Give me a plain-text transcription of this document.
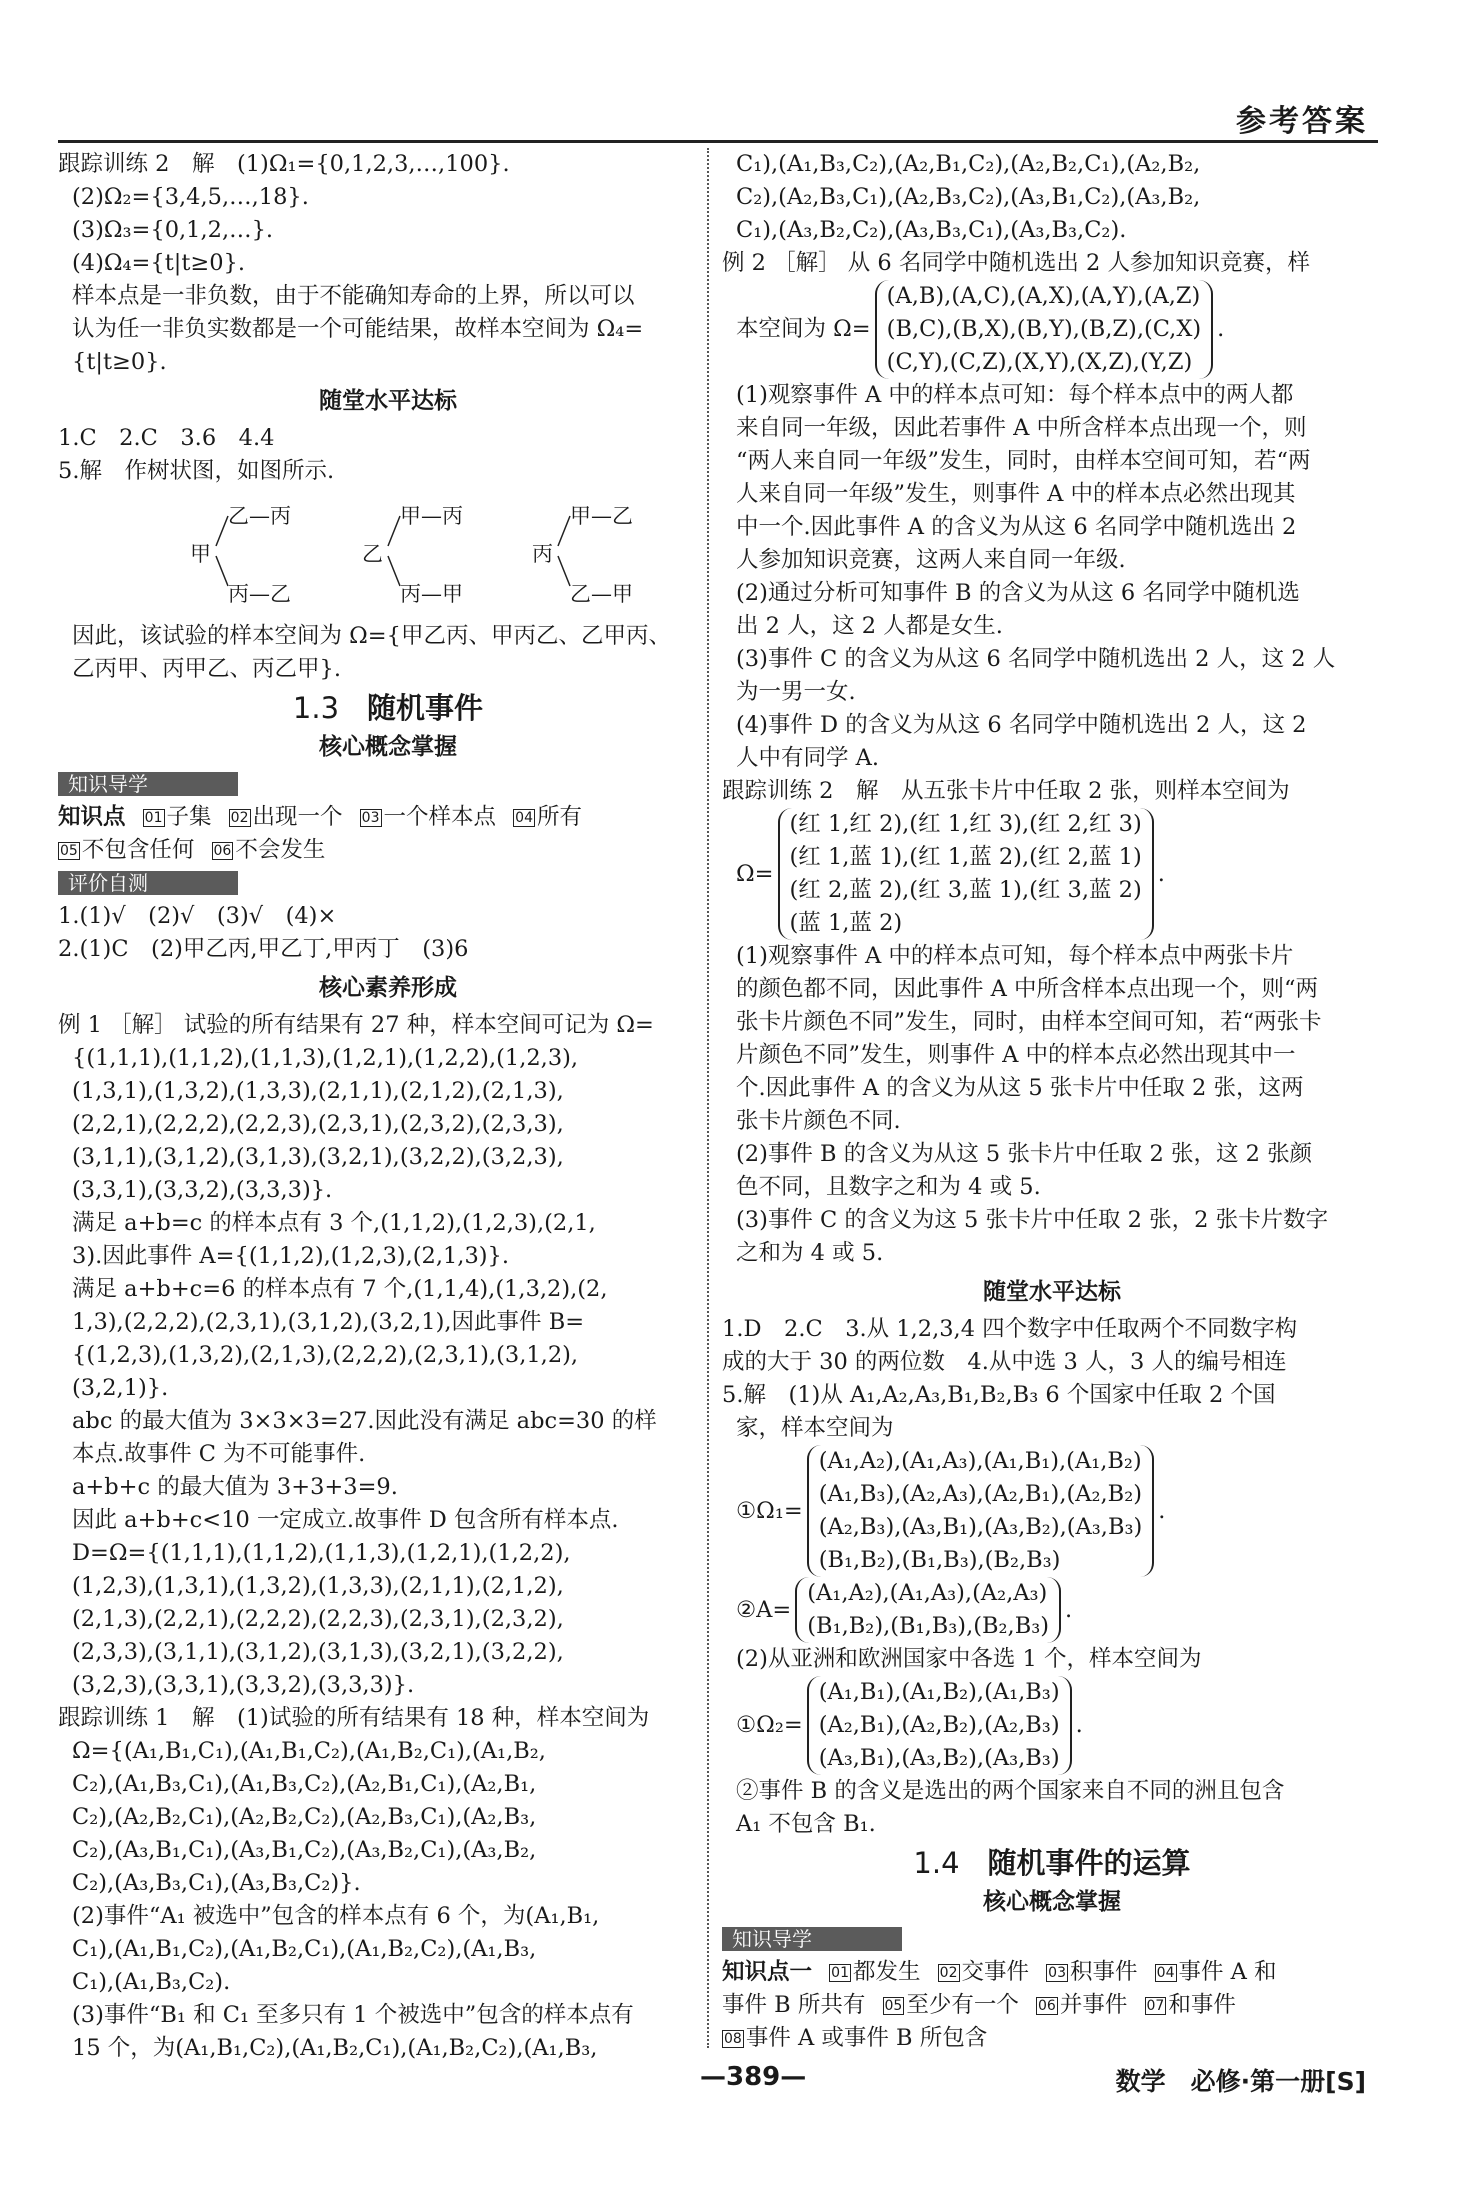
参考答案
跟踪训练 2　解　(1)Ω₁={0,1,2,3,…,100}.
(2)Ω₂={3,4,5,…,18}.
(3)Ω₃={0,1,2,…}.
(4)Ω₄={t|t≥0}.
样本点是一非负数，由于不能确知寿命的上界，所以可以
认为任一非负实数都是一个可能结果，故样本空间为 Ω₄=
{t|t≥0}.
随堂水平达标
1.C　2.C　3.6　4.4
5.解　作树状图，如图所示.
乙—丙
甲
丙—乙
甲—丙
乙
丙—甲
甲—乙
丙
乙—甲
因此，该试验的样本空间为 Ω={甲乙丙、甲丙乙、乙甲丙、
乙丙甲、丙甲乙、丙乙甲}.
1.3 随机事件
核心概念掌握
知识导学
知识点 01 子集 02 出现一个 03 一个样本点 04 所有
05 不包含任何 06 不会发生
评价自测
1.(1)√　(2)√　(3)√　(4)×
2.(1)C　(2)甲乙丙,甲乙丁,甲丙丁　(3)6
核心素养形成
例 1 ［解］ 试验的所有结果有 27 种，样本空间可记为 Ω=
{(1,1,1),(1,1,2),(1,1,3),(1,2,1),(1,2,2),(1,2,3),
(1,3,1),(1,3,2),(1,3,3),(2,1,1),(2,1,2),(2,1,3),
(2,2,1),(2,2,2),(2,2,3),(2,3,1),(2,3,2),(2,3,3),
(3,1,1),(3,1,2),(3,1,3),(3,2,1),(3,2,2),(3,2,3),
(3,3,1),(3,3,2),(3,3,3)}.
满足 a+b=c 的样本点有 3 个,(1,1,2),(1,2,3),(2,1,
3).因此事件 A={(1,1,2),(1,2,3),(2,1,3)}.
满足 a+b+c=6 的样本点有 7 个,(1,1,4),(1,3,2),(2,
1,3),(2,2,2),(2,3,1),(3,1,2),(3,2,1),因此事件 B=
{(1,2,3),(1,3,2),(2,1,3),(2,2,2),(2,3,1),(3,1,2),
(3,2,1)}.
abc 的最大值为 3×3×3=27.因此没有满足 abc=30 的样
本点.故事件 C 为不可能事件.
a+b+c 的最大值为 3+3+3=9.
因此 a+b+c<10 一定成立.故事件 D 包含所有样本点.
D=Ω={(1,1,1),(1,1,2),(1,1,3),(1,2,1),(1,2,2),
(1,2,3),(1,3,1),(1,3,2),(1,3,3),(2,1,1),(2,1,2),
(2,1,3),(2,2,1),(2,2,2),(2,2,3),(2,3,1),(2,3,2),
(2,3,3),(3,1,1),(3,1,2),(3,1,3),(3,2,1),(3,2,2),
(3,2,3),(3,3,1),(3,3,2),(3,3,3)}.
跟踪训练 1　解　(1)试验的所有结果有 18 种，样本空间为
Ω={(A₁,B₁,C₁),(A₁,B₁,C₂),(A₁,B₂,C₁),(A₁,B₂,
C₂),(A₁,B₃,C₁),(A₁,B₃,C₂),(A₂,B₁,C₁),(A₂,B₁,
C₂),(A₂,B₂,C₁),(A₂,B₂,C₂),(A₂,B₃,C₁),(A₂,B₃,
C₂),(A₃,B₁,C₁),(A₃,B₁,C₂),(A₃,B₂,C₁),(A₃,B₂,
C₂),(A₃,B₃,C₁),(A₃,B₃,C₂)}.
(2)事件“A₁ 被选中”包含的样本点有 6 个，为(A₁,B₁,
C₁),(A₁,B₁,C₂),(A₁,B₂,C₁),(A₁,B₂,C₂),(A₁,B₃,
C₁),(A₁,B₃,C₂).
(3)事件“B₁ 和 C₁ 至多只有 1 个被选中”包含的样本点有
15 个，为(A₁,B₁,C₂),(A₁,B₂,C₁),(A₁,B₂,C₂),(A₁,B₃,
C₁),(A₁,B₃,C₂),(A₂,B₁,C₂),(A₂,B₂,C₁),(A₂,B₂,
C₂),(A₂,B₃,C₁),(A₂,B₃,C₂),(A₃,B₁,C₂),(A₃,B₂,
C₁),(A₃,B₂,C₂),(A₃,B₃,C₁),(A₃,B₃,C₂).
例 2 ［解］ 从 6 名同学中随机选出 2 人参加知识竞赛，样
本空间为 Ω=
(A,B),(A,C),(A,X),(A,Y),(A,Z)
(B,C),(B,X),(B,Y),(B,Z),(C,X)
(C,Y),(C,Z),(X,Y),(X,Z),(Y,Z)
.
(1)观察事件 A 中的样本点可知：每个样本点中的两人都
来自同一年级，因此若事件 A 中所含样本点出现一个，则
“两人来自同一年级”发生，同时，由样本空间可知，若“两
人来自同一年级”发生，则事件 A 中的样本点必然出现其
中一个.因此事件 A 的含义为从这 6 名同学中随机选出 2
人参加知识竞赛，这两人来自同一年级.
(2)通过分析可知事件 B 的含义为从这 6 名同学中随机选
出 2 人，这 2 人都是女生.
(3)事件 C 的含义为从这 6 名同学中随机选出 2 人，这 2 人
为一男一女.
(4)事件 D 的含义为从这 6 名同学中随机选出 2 人，这 2
人中有同学 A.
跟踪训练 2　解　从五张卡片中任取 2 张，则样本空间为
Ω=
(红 1,红 2),(红 1,红 3),(红 2,红 3)
(红 1,蓝 1),(红 1,蓝 2),(红 2,蓝 1)
(红 2,蓝 2),(红 3,蓝 1),(红 3,蓝 2)
(蓝 1,蓝 2)
.
(1)观察事件 A 中的样本点可知，每个样本点中两张卡片
的颜色都不同，因此事件 A 中所含样本点出现一个，则“两
张卡片颜色不同”发生，同时，由样本空间可知，若“两张卡
片颜色不同”发生，则事件 A 中的样本点必然出现其中一
个.因此事件 A 的含义为从这 5 张卡片中任取 2 张，这两
张卡片颜色不同.
(2)事件 B 的含义为从这 5 张卡片中任取 2 张，这 2 张颜
色不同，且数字之和为 4 或 5.
(3)事件 C 的含义为这 5 张卡片中任取 2 张，2 张卡片数字
之和为 4 或 5.
随堂水平达标
1.D　2.C　3.从 1,2,3,4 四个数字中任取两个不同数字构
成的大于 30 的两位数　4.从中选 3 人，3 人的编号相连
5.解　(1)从 A₁,A₂,A₃,B₁,B₂,B₃ 6 个国家中任取 2 个国
家，样本空间为
①Ω₁=
(A₁,A₂),(A₁,A₃),(A₁,B₁),(A₁,B₂)
(A₁,B₃),(A₂,A₃),(A₂,B₁),(A₂,B₂)
(A₂,B₃),(A₃,B₁),(A₃,B₂),(A₃,B₃)
(B₁,B₂),(B₁,B₃),(B₂,B₃)
.
②A=
(A₁,A₂),(A₁,A₃),(A₂,A₃)
(B₁,B₂),(B₁,B₃),(B₂,B₃)
.
(2)从亚洲和欧洲国家中各选 1 个，样本空间为
①Ω₂=
(A₁,B₁),(A₁,B₂),(A₁,B₃)
(A₂,B₁),(A₂,B₂),(A₂,B₃)
(A₃,B₁),(A₃,B₂),(A₃,B₃)
.
②事件 B 的含义是选出的两个国家来自不同的洲且包含
A₁ 不包含 B₁.
1.4 随机事件的运算
核心概念掌握
知识导学
知识点一 01 都发生 02 交事件 03 积事件 04 事件 A 和
事件 B 所共有 05 至少有一个 06 并事件 07 和事件
08 事件 A 或事件 B 所包含
—389—	数学　必修·第一册[S]
